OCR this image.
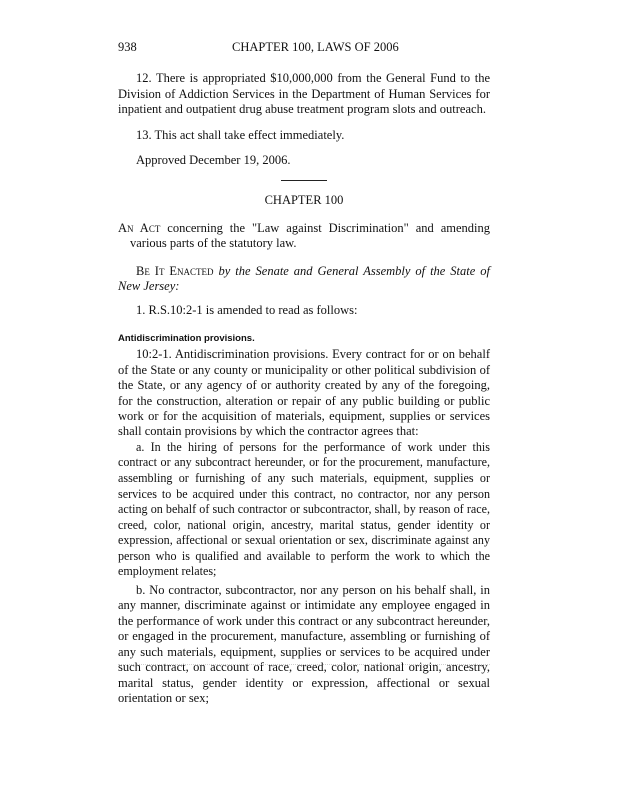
938	CHAPTER 100, LAWS OF 2006

12. There is appropriated $10,000,000 from the General Fund to the Division of Addiction Services in the Department of Human Services for inpatient and outpatient drug abuse treatment program slots and outreach.

13. This act shall take effect immediately.

Approved December 19, 2006.

CHAPTER 100

An Act concerning the "Law against Discrimination" and amending various parts of the statutory law.

Be It Enacted by the Senate and General Assembly of the State of New Jersey:

1. R.S.10:2-1 is amended to read as follows:

Antidiscrimination provisions.

10:2-1. Antidiscrimination provisions. Every contract for or on behalf of the State or any county or municipality or other political subdivision of the State, or any agency of or authority created by any of the foregoing, for the construction, alteration or repair of any public building or public work or for the acquisition of materials, equipment, supplies or services shall contain provisions by which the contractor agrees that:

a. In the hiring of persons for the performance of work under this contract or any subcontract hereunder, or for the procurement, manufacture, assembling or furnishing of any such materials, equipment, supplies or services to be acquired under this contract, no contractor, nor any person acting on behalf of such contractor or subcontractor, shall, by reason of race, creed, color, national origin, ancestry, marital status, gender identity or expression, affectional or sexual orientation or sex, discriminate against any person who is qualified and available to perform the work to which the employment relates;

b. No contractor, subcontractor, nor any person on his behalf shall, in any manner, discriminate against or intimidate any employee engaged in the performance of work under this contract or any subcontract hereunder, or engaged in the procurement, manufacture, assembling or furnishing of any such materials, equipment, supplies or services to be acquired under such contract, on account of race, creed, color, national origin, ancestry, marital status, gender identity or expression, affectional or sexual orientation or sex;
